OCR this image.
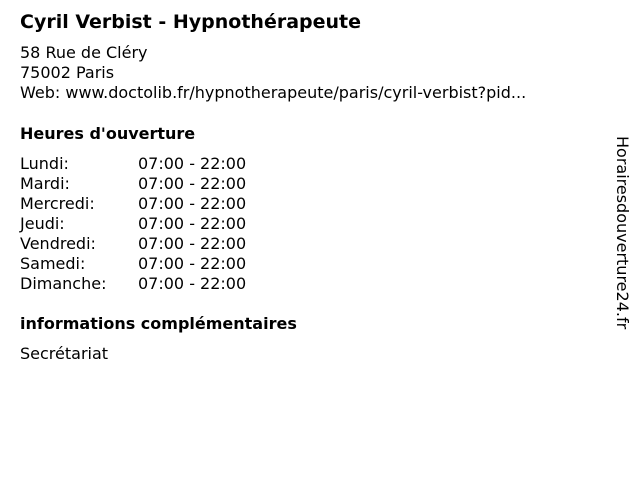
Cyril Verbist - Hypnothérapeute
58 Rue de Cléry
75002 Paris
Web: www.doctolib.fr/hypnotherapeute/paris/cyril-verbist?pid...
Heures d'ouverture
Lundi:	07:00 - 22:00
Mardi:	07:00 - 22:00
Mercredi:	07:00 - 22:00
Jeudi:	07:00 - 22:00
Vendredi:	07:00 - 22:00
Samedi:	07:00 - 22:00
Dimanche: 07:00 - 22:00
informations complémentaires
Secrétariat
Horairesdouverture24.fr
